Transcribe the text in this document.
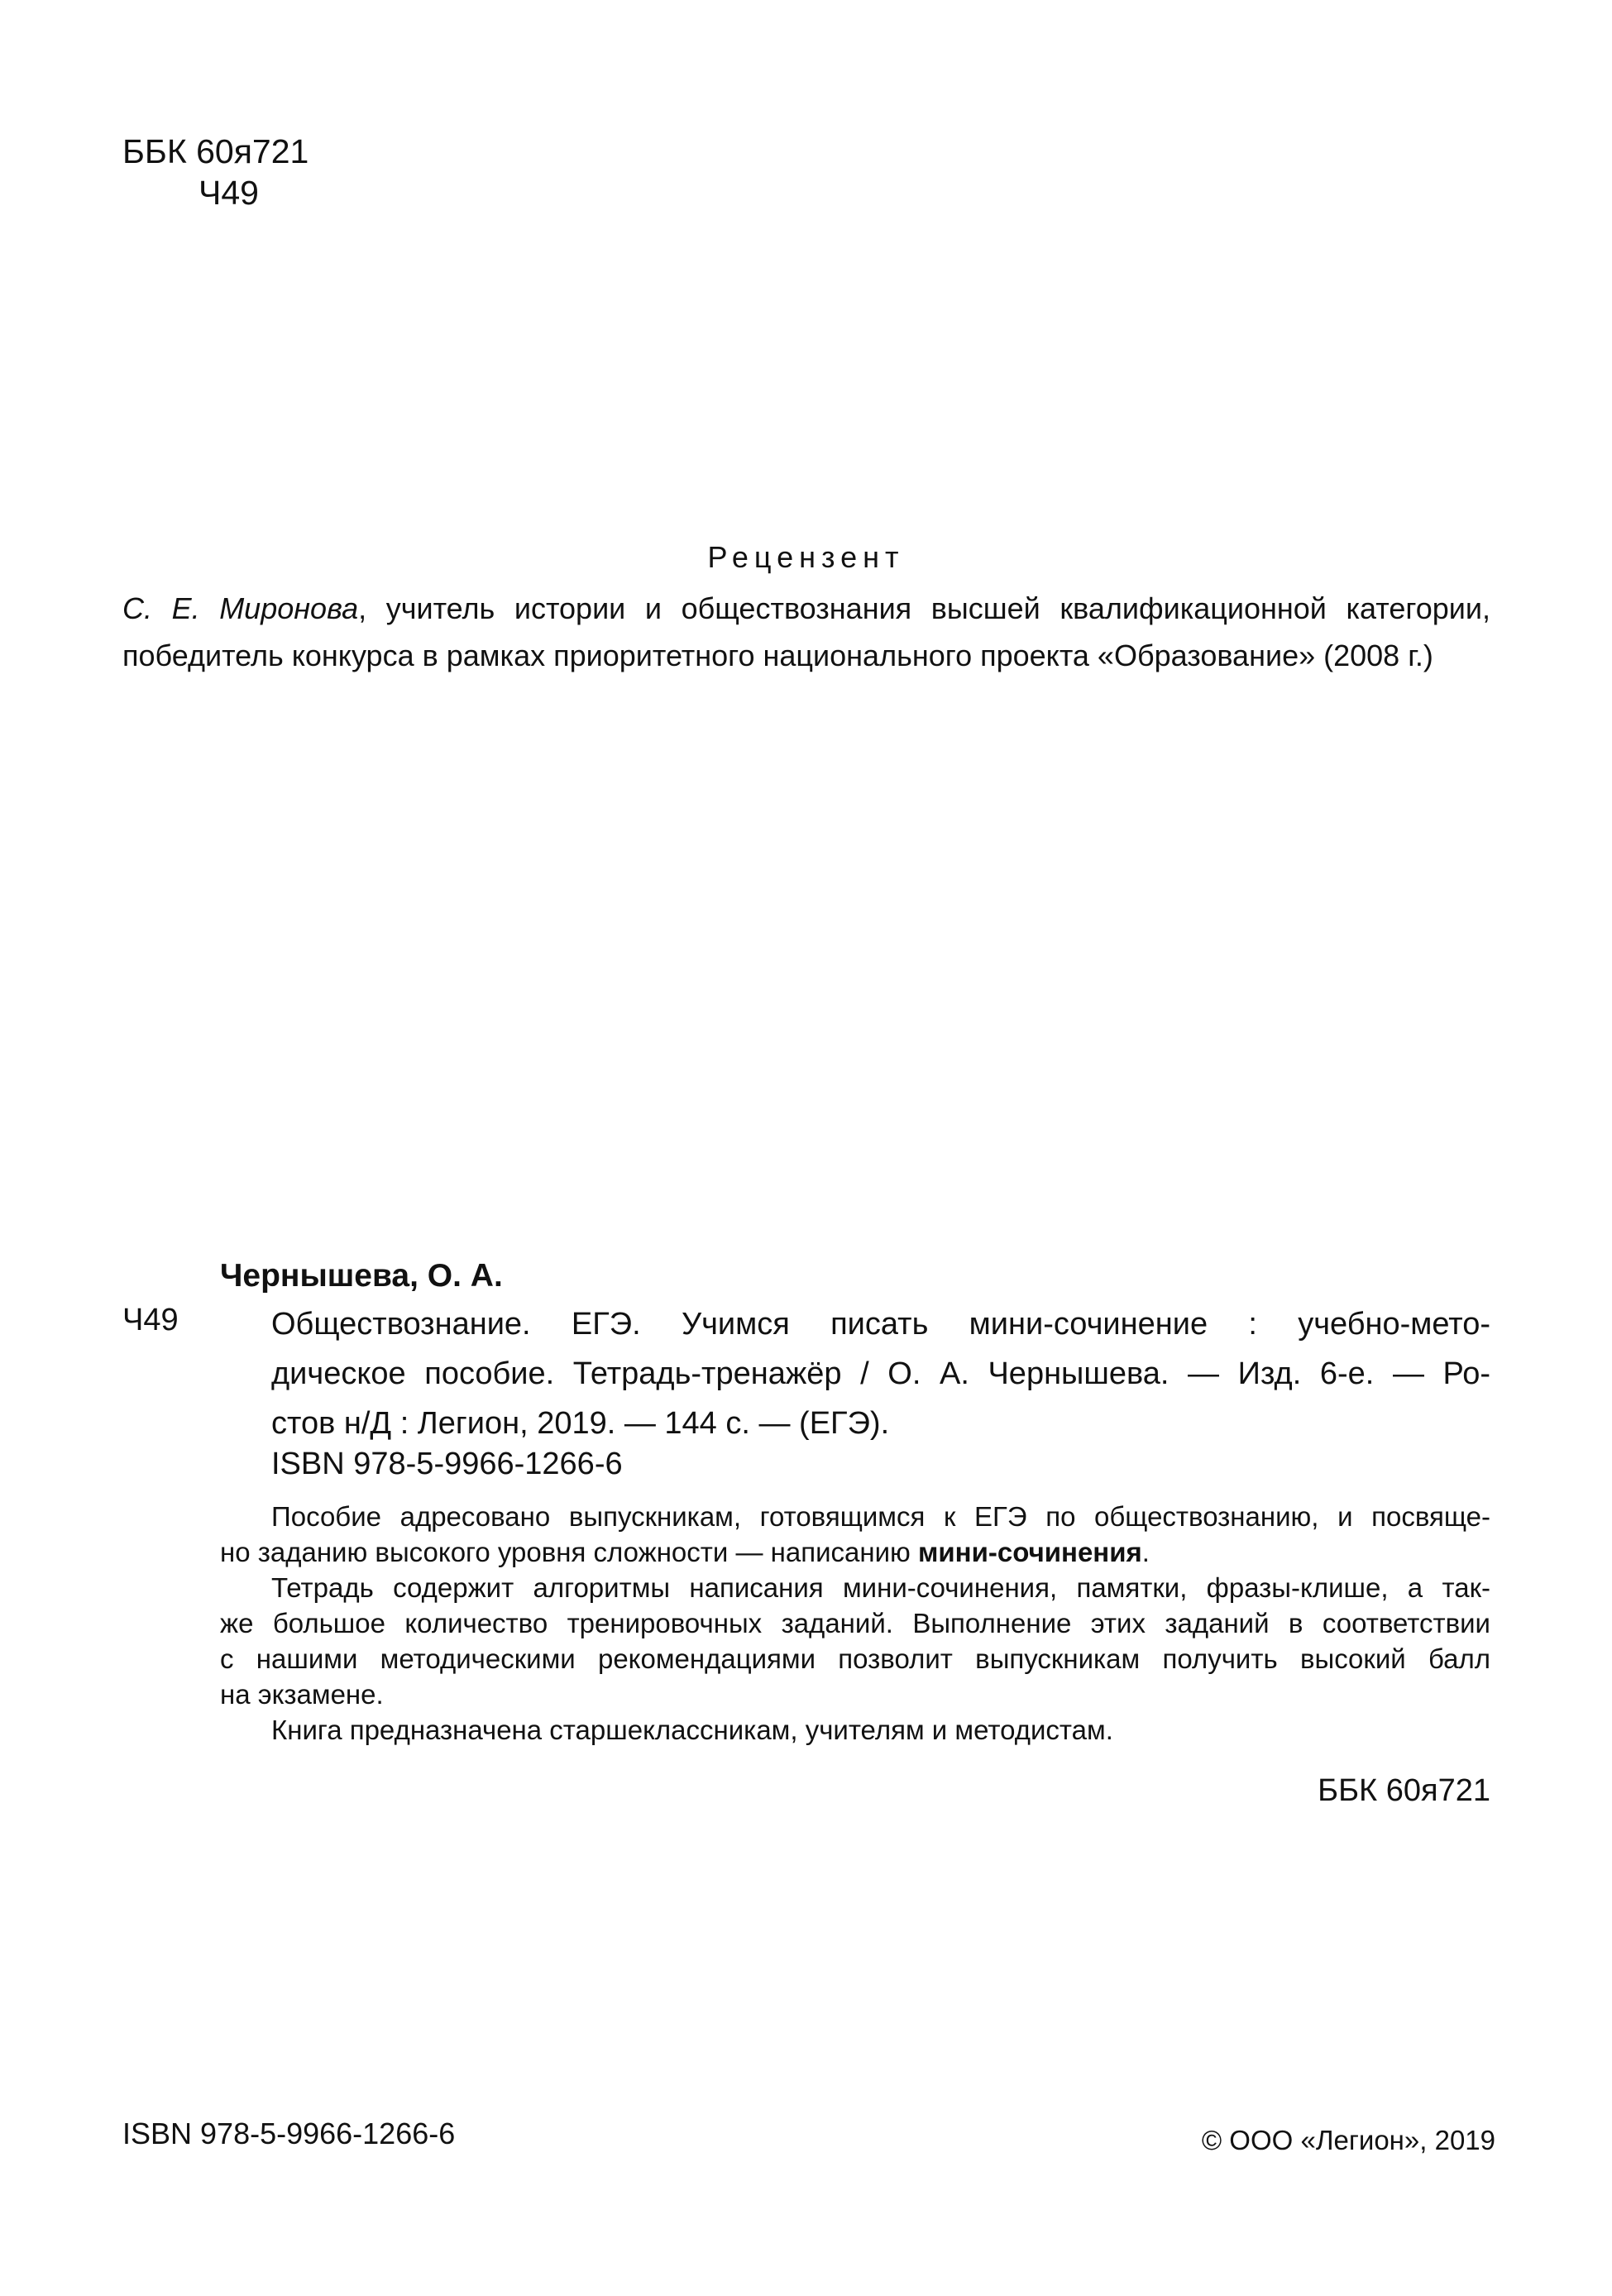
ББК 60я721
Ч49
Рецензент
С. Е. Миронова, учитель истории и обществознания высшей квалификационной категории,
победитель конкурса в рамках приоритетного национального проекта «Образование» (2008 г.)
Чернышева, О. А.
Ч49	Обществознание. ЕГЭ. Учимся писать мини-сочинение : учебно-мето-
дическое пособие. Тетрадь-тренажёр / О. А. Чернышева. — Изд. 6-е. — Ро-
стов н/Д : Легион, 2019. — 144 с. — (ЕГЭ).
ISBN 978-5-9966-1266-6
Пособие адресовано выпускникам, готовящимся к ЕГЭ по обществознанию, и посвяще-
но заданию высокого уровня сложности — написанию мини-сочинения.
Тетрадь содержит алгоритмы написания мини-сочинения, памятки, фразы-клише, а так-
же большое количество тренировочных заданий. Выполнение этих заданий в соответствии
с нашими методическими рекомендациями позволит выпускникам получить высокий балл
на экзамене.
Книга предназначена старшеклассникам, учителям и методистам.
ББК 60я721
ISBN 978-5-9966-1266-6	© ООО «Легион», 2019
